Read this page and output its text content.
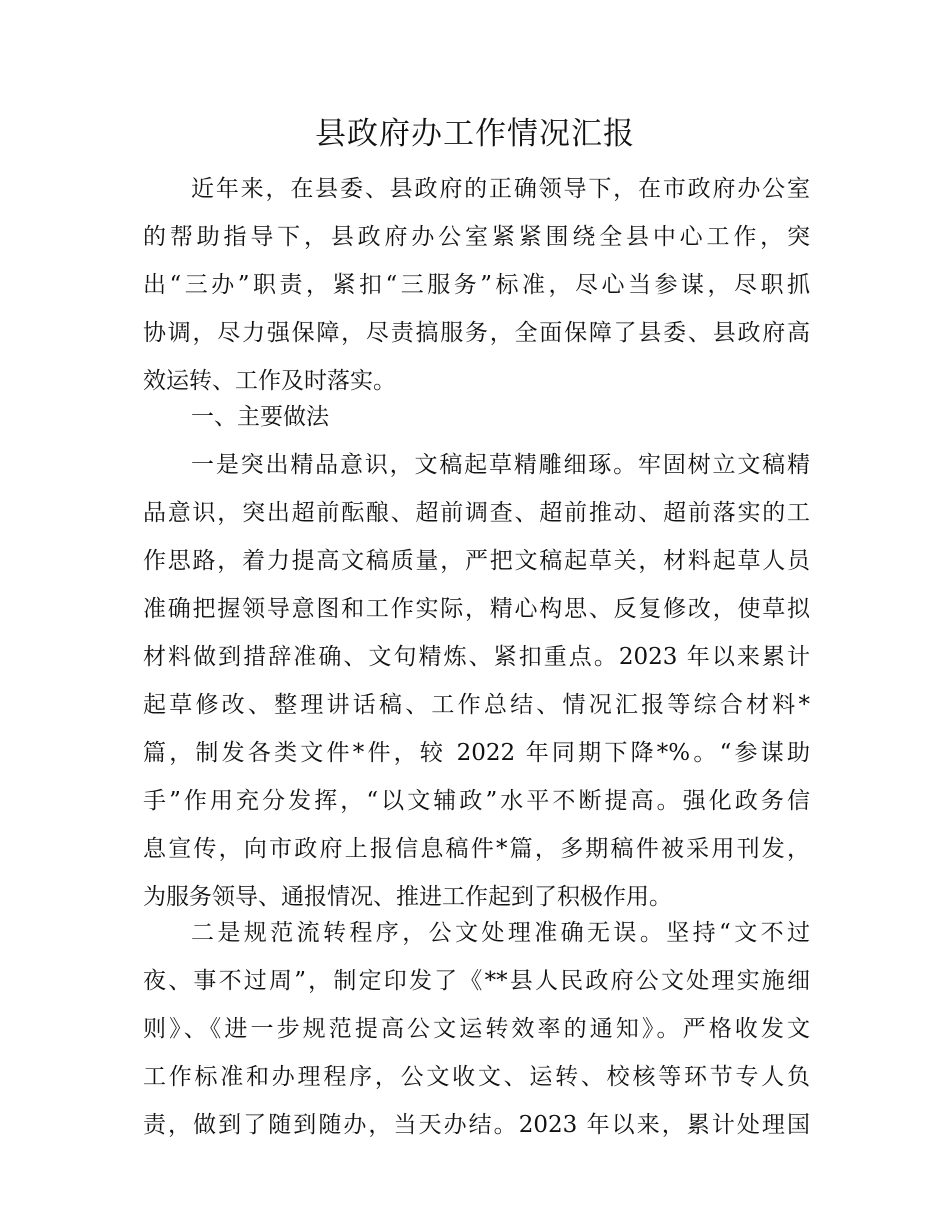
县政府办工作情况汇报
近年来，在县委、县政府的正确领导下，在市政府办公室
的帮助指导下，县政府办公室紧紧围绕全县中心工作，突
出“三办”职责，紧扣“三服务”标准，尽心当参谋，尽职抓
协调，尽力强保障，尽责搞服务，全面保障了县委、县政府高
效运转、工作及时落实。
一、主要做法
一是突出精品意识，文稿起草精雕细琢。牢固树立文稿精
品意识，突出超前酝酿、超前调查、超前推动、超前落实的工
作思路，着力提高文稿质量，严把文稿起草关，材料起草人员
准确把握领导意图和工作实际，精心构思、反复修改，使草拟
材料做到措辞准确、文句精炼、紧扣重点。2023 年以来累计
起草修改、整理讲话稿、工作总结、情况汇报等综合材料*
篇，制发各类文件*件，较 2022 年同期下降*%。“参谋助
手”作用充分发挥，“以文辅政”水平不断提高。强化政务信
息宣传，向市政府上报信息稿件*篇，多期稿件被采用刊发，
为服务领导、通报情况、推进工作起到了积极作用。
二是规范流转程序，公文处理准确无误。坚持“文不过
夜、事不过周”，制定印发了《**县人民政府公文处理实施细
则》、《进一步规范提高公文运转效率的通知》。严格收发文
工作标准和办理程序，公文收文、运转、校核等环节专人负
责，做到了随到随办，当天办结。2023 年以来，累计处理国
